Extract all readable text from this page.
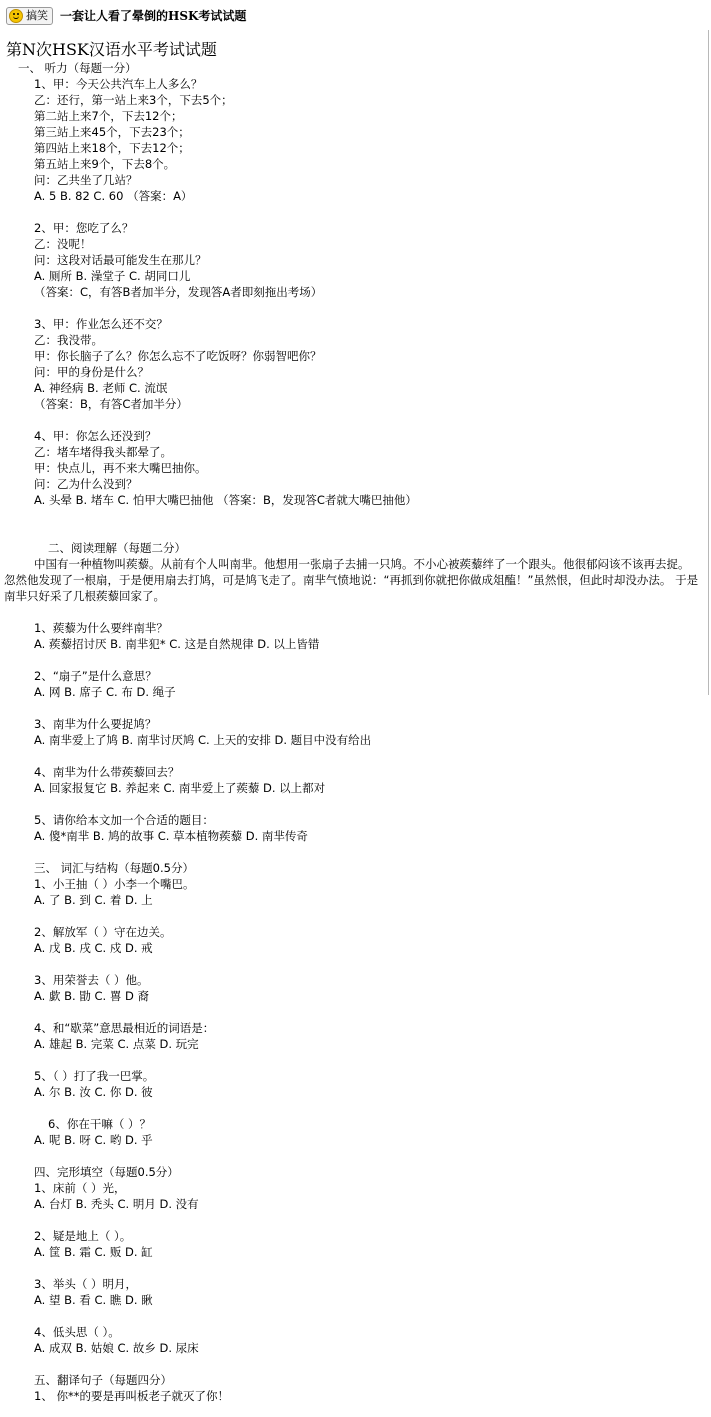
搞笑 一套让人看了晕倒的HSK考试试题
第N次HSK汉语水平考试试题
中国有一种植物叫蒺藜。从前有个人叫南芈。他想用一张扇子去捕一只鸠。不小心被蒺藜绊了一个跟头。他很郁闷该不该再去捉。 忽然他发现了一根扇，于是便用扇去打鸠，可是鸠飞走了。南芈气愤地说：“再抓到你就把你做成俎醢！”虽然恨，但此时却没办法。 于是南芈只好采了几根蒺藜回家了。
一、 听力（每题一分）
1、甲：今天公共汽车上人多么？
乙：还行，第一站上来3个，下去5个；
第二站上来7个，下去12个；
第三站上来45个，下去23个；
第四站上来18个，下去12个；
第五站上来9个，下去8个。
问：乙共坐了几站？
A. 5 B. 82 C. 60 （答案：A）
2、甲：您吃了么？
乙：没呢！
问：这段对话最可能发生在那儿？
A. 厕所 B. 澡堂子 C. 胡同口儿
（答案：C，有答B者加半分，发现答A者即刻拖出考场）
3、甲：作业怎么还不交？
乙：我没带。
甲：你长脑子了么？你怎么忘不了吃饭呀？你弱智吧你？
问：甲的身份是什么？
A. 神经病 B. 老师 C. 流氓
（答案：B，有答C者加半分）
4、甲：你怎么还没到？
乙：堵车堵得我头都晕了。
甲：快点儿，再不来大嘴巴抽你。
问：乙为什么没到？
A. 头晕 B. 堵车 C. 怕甲大嘴巴抽他 （答案：B，发现答C者就大嘴巴抽他）
二、阅读理解（每题二分）
1、蒺藜为什么要绊南芈？
A. 蒺藜招讨厌 B. 南芈犯* C. 这是自然规律 D. 以上皆错
2、“扇子”是什么意思？
A. 网 B. 席子 C. 布 D. 绳子
3、南芈为什么要捉鸠？
A. 南芈爱上了鸠 B. 南芈讨厌鸠 C. 上天的安排 D. 题目中没有给出
4、南芈为什么带蒺藜回去？
A. 回家报复它 B. 养起来 C. 南芈爱上了蒺藜 D. 以上都对
5、请你给本文加一个合适的题目：
A. 傻*南芈 B. 鸠的故事 C. 草本植物蒺藜 D. 南芈传奇
三、 词汇与结构（每题0.5分）
1、小王抽（ ）小李一个嘴巴。
A. 了 B. 到 C. 着 D. 上
2、解放军（ ）守在边关。
A. 戊 B. 戌 C. 戍 D. 戒
3、用荣誉去（ ）他。
A. 歔 B. 勖 C. 嘼 D 裔
4、和“歇菜”意思最相近的词语是：
A. 雄起 B. 完菜 C. 点菜 D. 玩完
5、（ ）打了我一巴掌。
A. 尔 B. 汝 C. 你 D. 彼
6、你在干嘛（ ）？
A. 呢 B. 呀 C. 哟 D. 乎
四、完形填空（每题0.5分）
1、床前（ ）光，
A. 台灯 B. 秃头 C. 明月 D. 没有
2、疑是地上（ ）。
A. 筐 B. 霜 C. 贩 D. 缸
3、举头（ ）明月，
A. 望 B. 看 C. 瞧 D. 瞅
4、低头思（ ）。
A. 成双 B. 姑娘 C. 故乡 D. 尿床
五、翻译句子（每题四分）
1、 你**的要是再叫板老子就灭了你！
